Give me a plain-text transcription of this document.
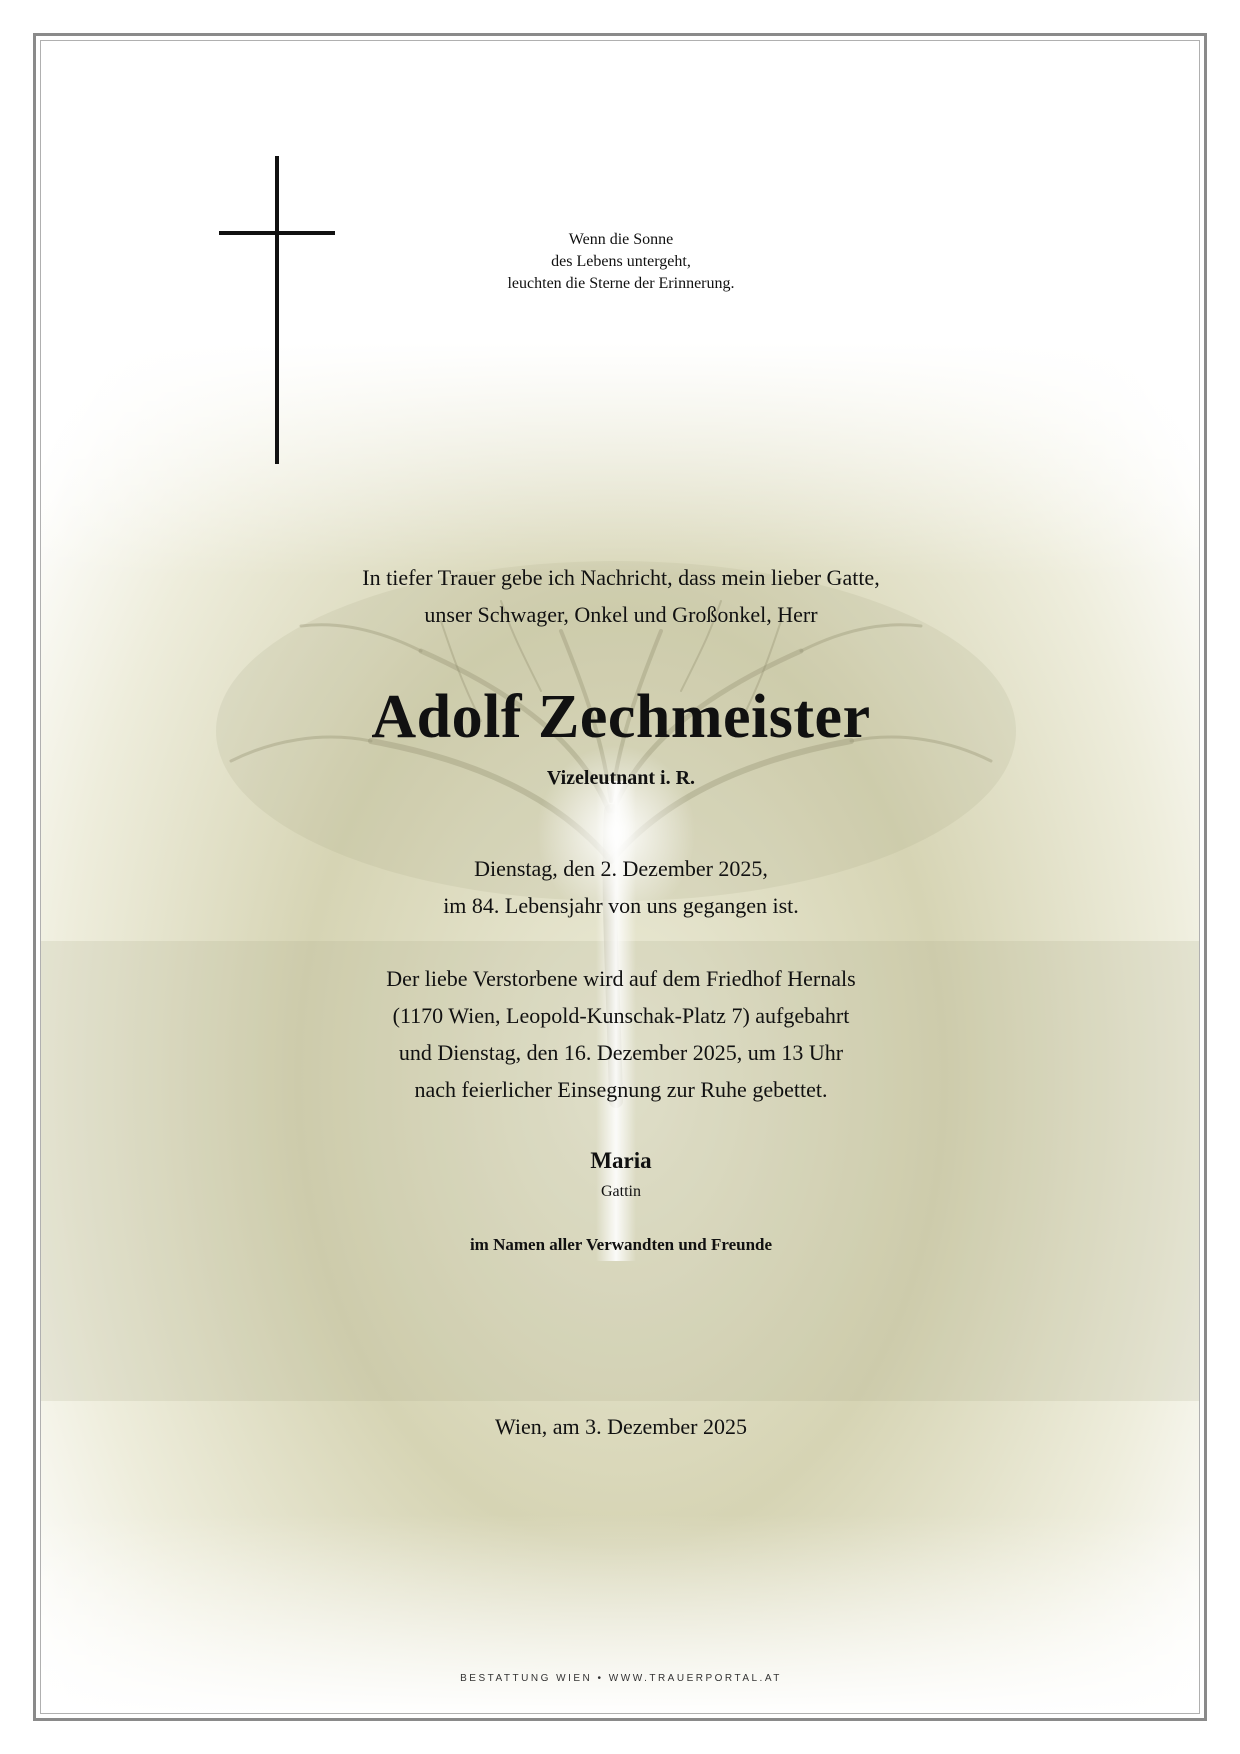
Wenn die Sonne
des Lebens untergeht,
leuchten die Sterne der Erinnerung.
In tiefer Trauer gebe ich Nachricht, dass mein lieber Gatte,
unser Schwager, Onkel und Großonkel, Herr
Adolf Zechmeister
Vizeleutnant i. R.
Dienstag, den 2. Dezember 2025,
im 84. Lebensjahr von uns gegangen ist.
Der liebe Verstorbene wird auf dem Friedhof Hernals
(1170 Wien, Leopold-Kunschak-Platz 7) aufgebahrt
und Dienstag, den 16. Dezember 2025, um 13 Uhr
nach feierlicher Einsegnung zur Ruhe gebettet.
Maria
Gattin
im Namen aller Verwandten und Freunde
Wien, am 3. Dezember 2025
BESTATTUNG WIEN • WWW.TRAUERPORTAL.AT
